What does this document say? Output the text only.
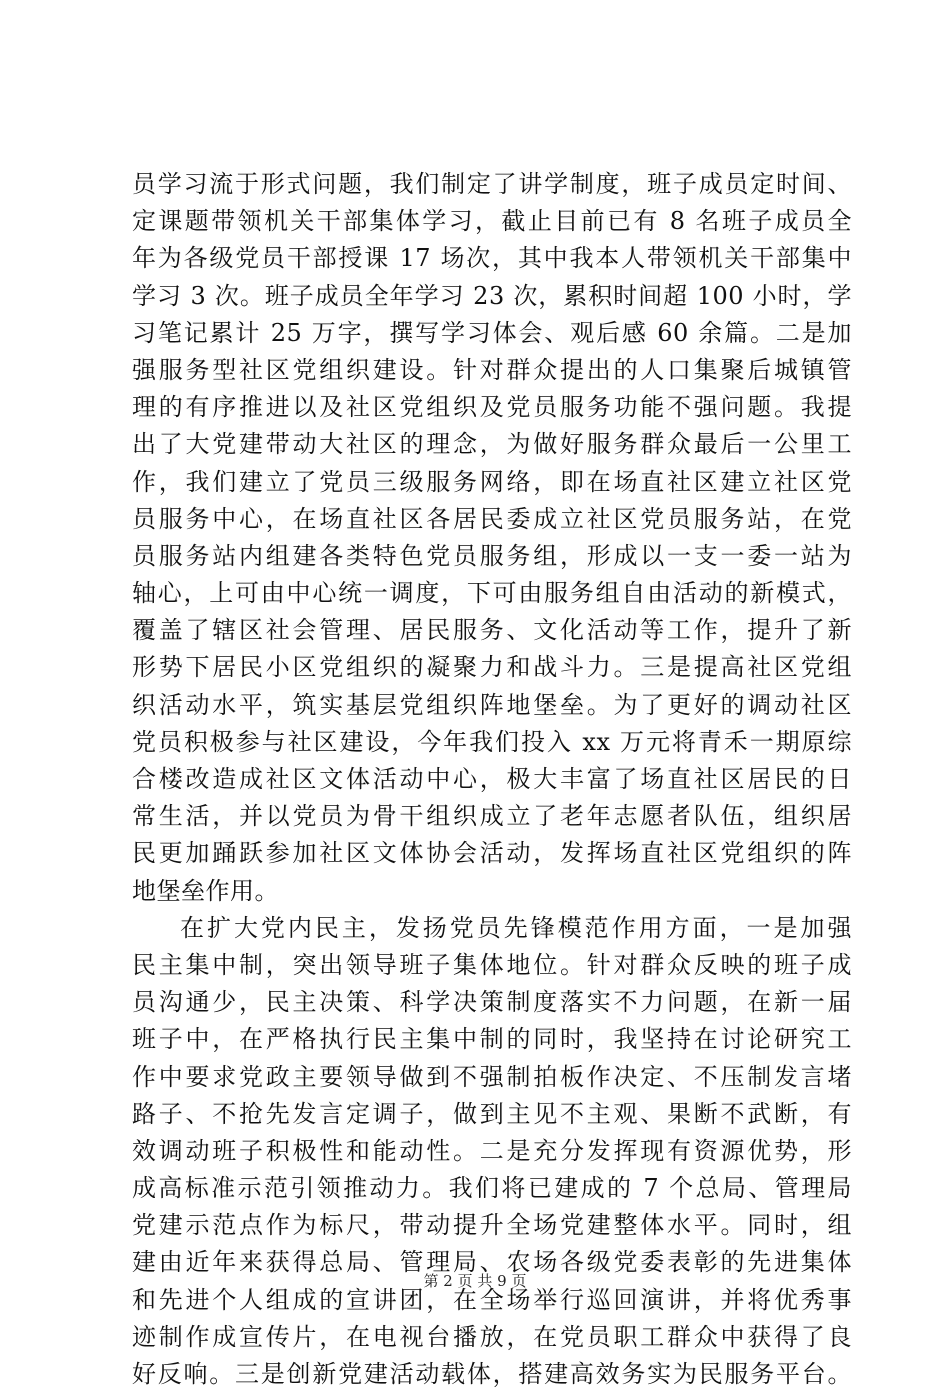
员学习流于形式问题，我们制定了讲学制度，班子成员定时间、
定课题带领机关干部集体学习，截止目前已有 8 名班子成员全
年为各级党员干部授课 17 场次，其中我本人带领机关干部集中
学习 3 次。班子成员全年学习 23 次，累积时间超 100 小时，学
习笔记累计 25 万字，撰写学习体会、观后感 60 余篇。二是加
强服务型社区党组织建设。针对群众提出的人口集聚后城镇管
理的有序推进以及社区党组织及党员服务功能不强问题。我提
出了大党建带动大社区的理念，为做好服务群众最后一公里工
作，我们建立了党员三级服务网络，即在场直社区建立社区党
员服务中心，在场直社区各居民委成立社区党员服务站，在党
员服务站内组建各类特色党员服务组，形成以一支一委一站为
轴心，上可由中心统一调度，下可由服务组自由活动的新模式，
覆盖了辖区社会管理、居民服务、文化活动等工作，提升了新
形势下居民小区党组织的凝聚力和战斗力。三是提高社区党组
织活动水平，筑实基层党组织阵地堡垒。为了更好的调动社区
党员积极参与社区建设，今年我们投入 xx 万元将青禾一期原综
合楼改造成社区文体活动中心，极大丰富了场直社区居民的日
常生活，并以党员为骨干组织成立了老年志愿者队伍，组织居
民更加踊跃参加社区文体协会活动，发挥场直社区党组织的阵
地堡垒作用。
在扩大党内民主，发扬党员先锋模范作用方面，一是加强
民主集中制，突出领导班子集体地位。针对群众反映的班子成
员沟通少，民主决策、科学决策制度落实不力问题，在新一届
班子中，在严格执行民主集中制的同时，我坚持在讨论研究工
作中要求党政主要领导做到不强制拍板作决定、不压制发言堵
路子、不抢先发言定调子，做到主见不主观、果断不武断，有
效调动班子积极性和能动性。二是充分发挥现有资源优势，形
成高标准示范引领推动力。我们将已建成的 7 个总局、管理局
党建示范点作为标尺，带动提升全场党建整体水平。同时，组
建由近年来获得总局、管理局、农场各级党委表彰的先进集体
和先进个人组成的宣讲团，在全场举行巡回演讲，并将优秀事
迹制作成宣传片，在电视台播放，在党员职工群众中获得了良
好反响。三是创新党建活动载体，搭建高效务实为民服务平台。
第 2 页 共 9 页
